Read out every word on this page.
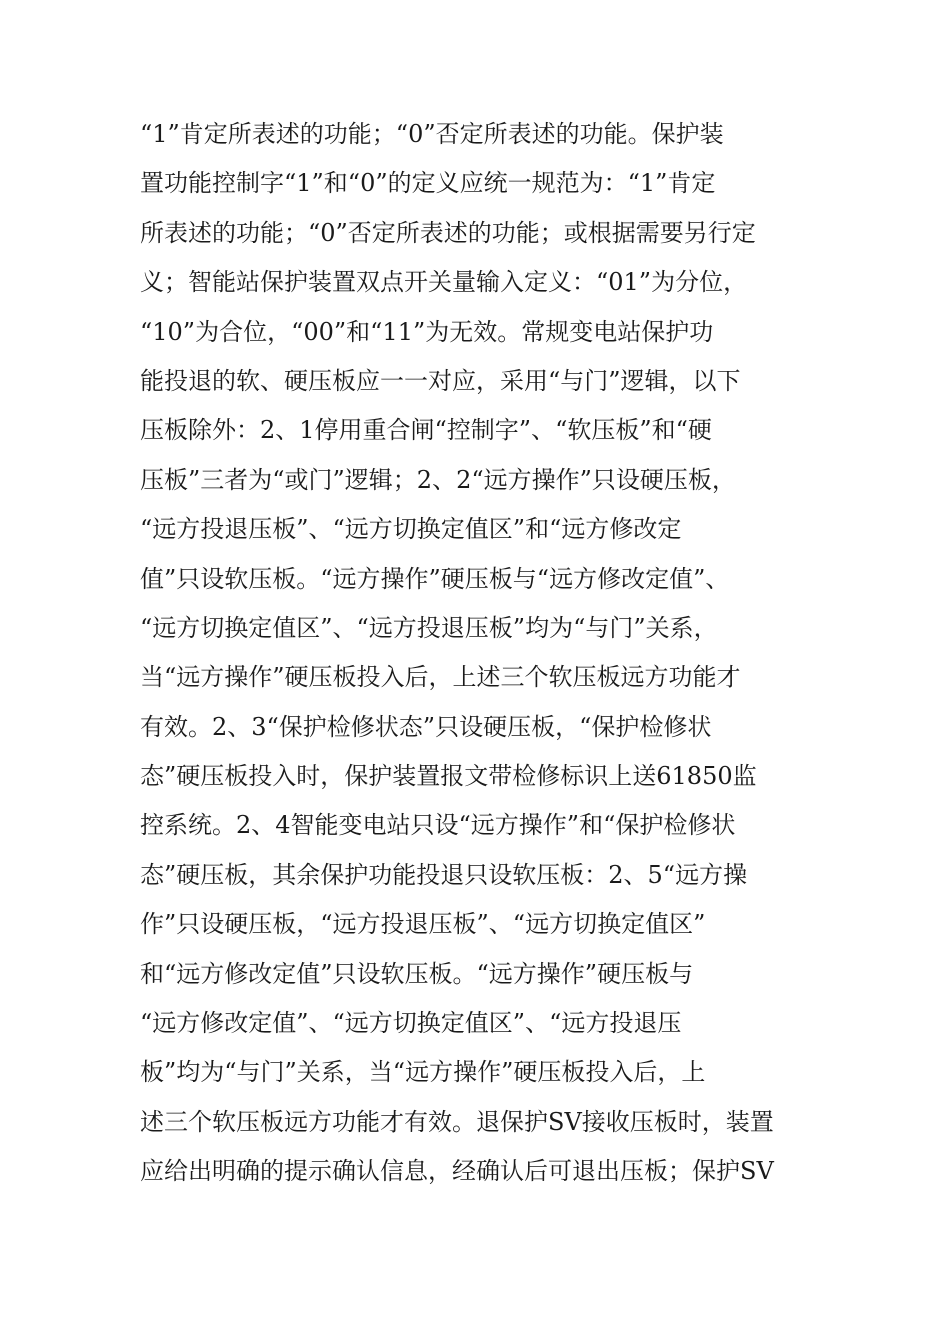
“1”肯定所表述的功能；“0”否定所表述的功能。保护装
置功能控制字“1”和“0”的定义应统一规范为：“1”肯定
所表述的功能；“0”否定所表述的功能；或根据需要另行定
义；智能站保护装置双点开关量输入定义：“01”为分位，
“10”为合位，“00”和“11”为无效。常规变电站保护功
能投退的软、硬压板应一一对应，采用“与门”逻辑，以下
压板除外：2、1停用重合闸“控制字”、“软压板”和“硬
压板”三者为“或门”逻辑；2、2“远方操作”只设硬压板，
“远方投退压板”、“远方切换定值区”和“远方修改定
值”只设软压板。“远方操作”硬压板与“远方修改定值”、
“远方切换定值区”、“远方投退压板”均为“与门”关系，
当“远方操作”硬压板投入后，上述三个软压板远方功能才
有效。2、3“保护检修状态”只设硬压板，“保护检修状
态”硬压板投入时，保护装置报文带检修标识上送61850监
控系统。2、4智能变电站只设“远方操作”和“保护检修状
态”硬压板，其余保护功能投退只设软压板：2、5“远方操
作”只设硬压板，“远方投退压板”、“远方切换定值区”
和“远方修改定值”只设软压板。“远方操作”硬压板与
“远方修改定值”、“远方切换定值区”、“远方投退压
板”均为“与门”关系，当“远方操作”硬压板投入后，上
述三个软压板远方功能才有效。退保护SV接收压板时，装置
应给出明确的提示确认信息，经确认后可退出压板；保护SV
